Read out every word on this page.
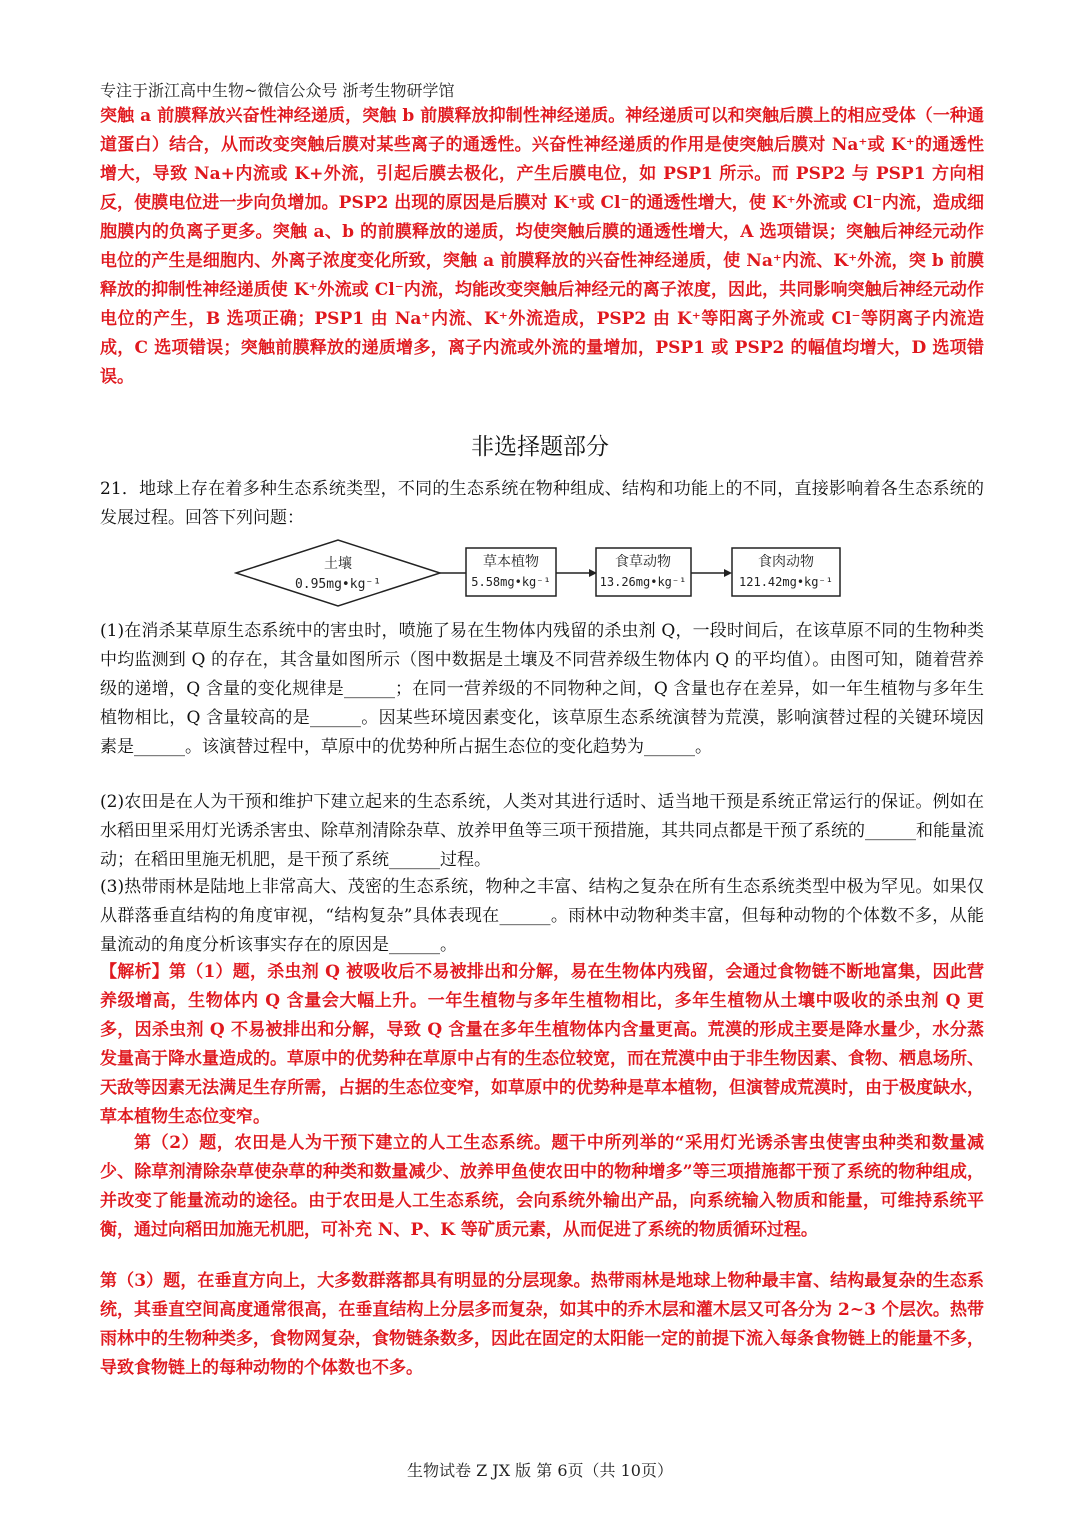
专注于浙江高中生物~微信公众号 浙考生物研学馆

突触 a 前膜释放兴奋性神经递质，突触 b 前膜释放抑制性神经递质。神经递质可以和突触后膜上的相应受体（一种通道蛋白）结合，从而改变突触后膜对某些离子的通透性。兴奋性神经递质的作用是使突触后膜对 Na⁺或 K⁺的通透性增大，导致 Na+内流或 K+外流，引起后膜去极化，产生后膜电位，如 PSP1 所示。而 PSP2 与 PSP1 方向相反，使膜电位进一步向负增加。PSP2 出现的原因是后膜对 K⁺或 Cl⁻的通透性增大，使 K⁺外流或 Cl⁻内流，造成细胞膜内的负离子更多。突触 a、b 的前膜释放的递质，均使突触后膜的通透性增大，A 选项错误；突触后神经元动作电位的产生是细胞内、外离子浓度变化所致，突触 a 前膜释放的兴奋性神经递质，使 Na⁺内流、K⁺外流，突 b 前膜释放的抑制性神经递质使 K⁺外流或 Cl⁻内流，均能改变突触后神经元的离子浓度，因此，共同影响突触后神经元动作电位的产生，B 选项正确；PSP1 由 Na⁺内流、K⁺外流造成，PSP2 由 K⁺等阳离子外流或 Cl⁻等阴离子内流造成，C 选项错误；突触前膜释放的递质增多，离子内流或外流的量增加，PSP1 或 PSP2 的幅值均增大，D 选项错误。

非选择题部分

21．地球上存在着多种生态系统类型，不同的生态系统在物种组成、结构和功能上的不同，直接影响着各生态系统的发展过程。回答下列问题：

土壤
0.95mg•kg⁻¹
草本植物
5.58mg•kg⁻¹
食草动物
13.26mg•kg⁻¹
食肉动物
121.42mg•kg⁻¹

(1)在消杀某草原生态系统中的害虫时，喷施了易在生物体内残留的杀虫剂 Q，一段时间后，在该草原不同的生物种类中均监测到 Q 的存在，其含量如图所示（图中数据是土壤及不同营养级生物体内 Q 的平均值）。由图可知，随着营养级的递增，Q 含量的变化规律是______；在同一营养级的不同物种之间，Q 含量也存在差异，如一年生植物与多年生植物相比，Q 含量较高的是______。因某些环境因素变化，该草原生态系统演替为荒漠，影响演替过程的关键环境因素是______。该演替过程中，草原中的优势种所占据生态位的变化趋势为______。

(2)农田是在人为干预和维护下建立起来的生态系统，人类对其进行适时、适当地干预是系统正常运行的保证。例如在水稻田里采用灯光诱杀害虫、除草剂清除杂草、放养甲鱼等三项干预措施，其共同点都是干预了系统的______和能量流动；在稻田里施无机肥，是干预了系统______过程。

(3)热带雨林是陆地上非常高大、茂密的生态系统，物种之丰富、结构之复杂在所有生态系统类型中极为罕见。如果仅从群落垂直结构的角度审视，“结构复杂”具体表现在______。雨林中动物种类丰富，但每种动物的个体数不多，从能量流动的角度分析该事实存在的原因是______。

【解析】第（1）题，杀虫剂 Q 被吸收后不易被排出和分解，易在生物体内残留，会通过食物链不断地富集，因此营养级增高，生物体内 Q 含量会大幅上升。一年生植物与多年生植物相比，多年生植物从土壤中吸收的杀虫剂 Q 更多，因杀虫剂 Q 不易被排出和分解，导致 Q 含量在多年生植物体内含量更高。荒漠的形成主要是降水量少，水分蒸发量高于降水量造成的。草原中的优势种在草原中占有的生态位较宽，而在荒漠中由于非生物因素、食物、栖息场所、天敌等因素无法满足生存所需，占据的生态位变窄，如草原中的优势种是草本植物，但演替成荒漠时，由于极度缺水，草本植物生态位变窄。

第（2）题，农田是人为干预下建立的人工生态系统。题干中所列举的“采用灯光诱杀害虫使害虫种类和数量减少、除草剂清除杂草使杂草的种类和数量减少、放养甲鱼使农田中的物种增多”等三项措施都干预了系统的物种组成，并改变了能量流动的途径。由于农田是人工生态系统，会向系统外输出产品，向系统输入物质和能量，可维持系统平衡，通过向稻田加施无机肥，可补充 N、P、K 等矿质元素，从而促进了系统的物质循环过程。

第（3）题，在垂直方向上，大多数群落都具有明显的分层现象。热带雨林是地球上物种最丰富、结构最复杂的生态系统，其垂直空间高度通常很高，在垂直结构上分层多而复杂，如其中的乔木层和灌木层又可各分为 2~3 个层次。热带雨林中的生物种类多，食物网复杂，食物链条数多，因此在固定的太阳能一定的前提下流入每条食物链上的能量不多，导致食物链上的每种动物的个体数也不多。

生物试卷 Z JX 版 第 6页（共 10页）
